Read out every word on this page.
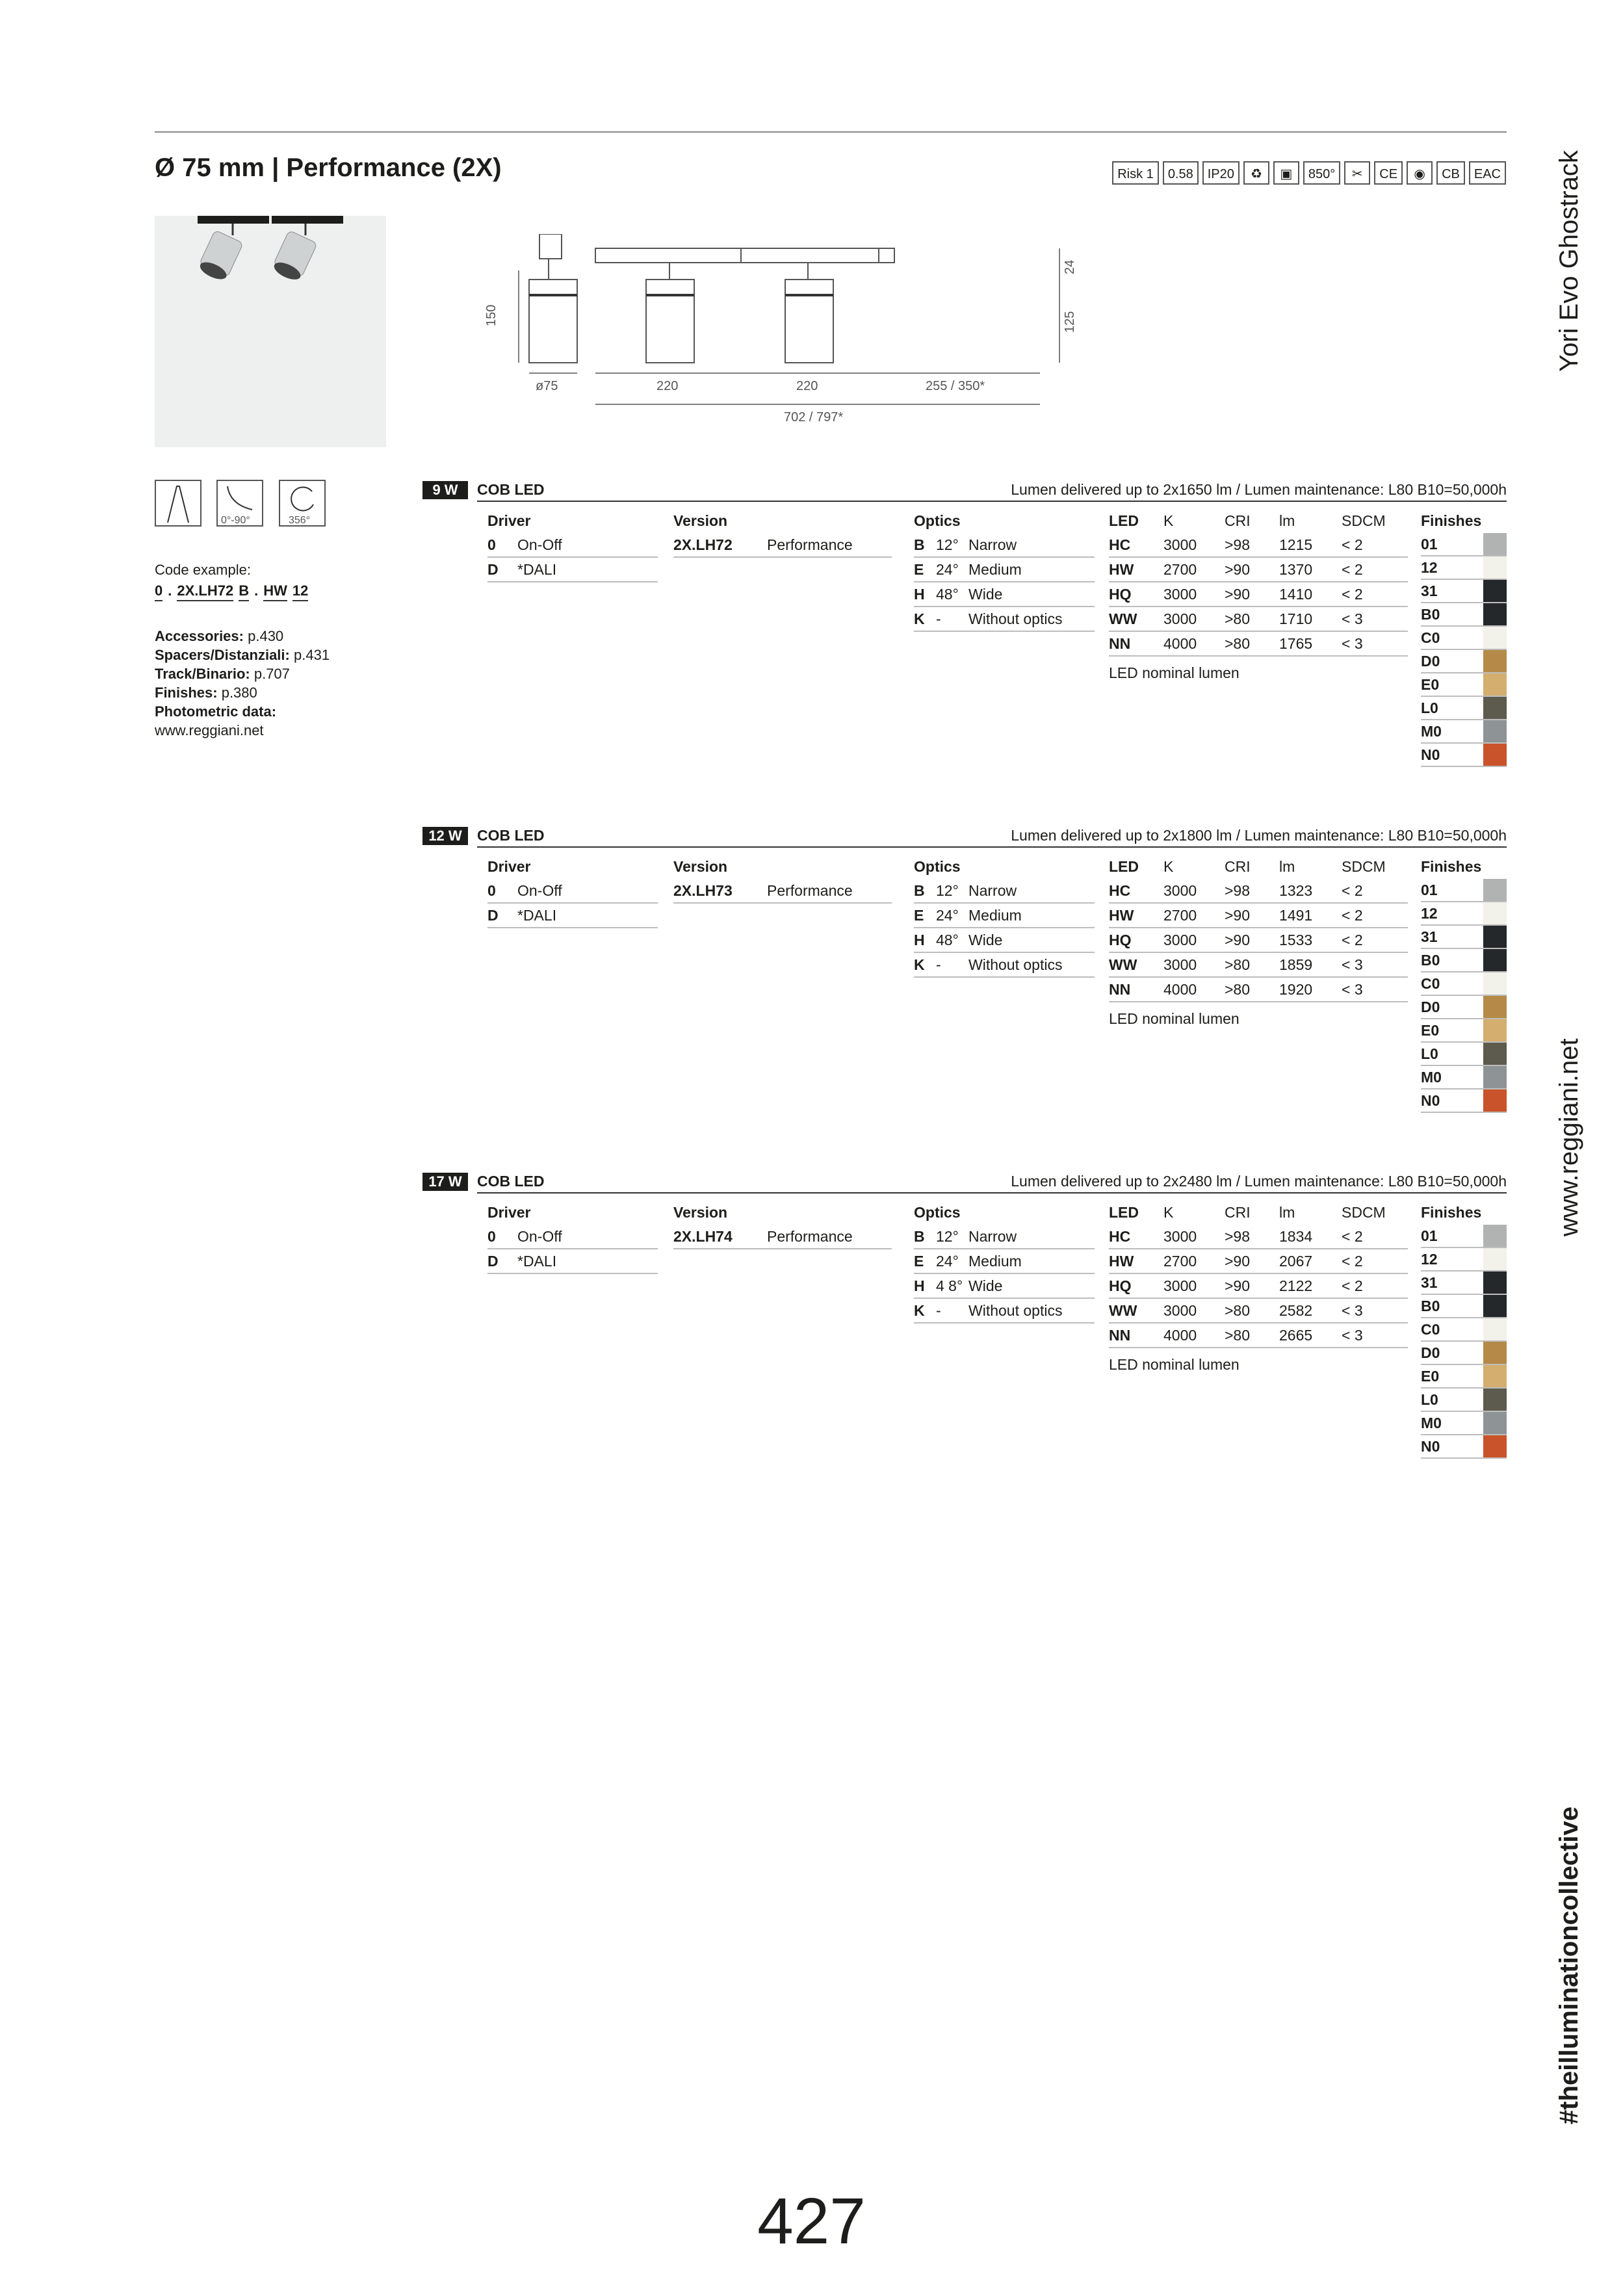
Ø 75 mm | Performance (2X)	Risk 1	0.58	IP20	♻	▣	850°	✂	CE	◉	CB	EAC
150	125
24
ø75	220	220	255 / 350*
702 / 797*
0°-90°	356°
Code example:
0 . 2X.LH72 B . HW 12
Accessories: p.430
Spacers/Distanziali: p.431
Track/Binario: p.707
Finishes: p.380
Photometric data:
www.reggiani.net
9 W	COB LED	Lumen delivered up to 2x1650 lm / Lumen maintenance: L80 B10=50,000h
Driver
0 On-Off
D *DALI
Version
2X.LH72 Performance
Optics
B 12° Narrow
E 24° Medium
H 48° Wide
K - Without optics
LED K	CRI lm	SDCM
HC 3000 >98 1215 < 2
HW 2700 >90 1370 < 2
HQ 3000 >90 1410 < 2
WW 3000 >80 1710 < 3
NN 4000 >80 1765 < 3
LED nominal lumen
Finishes
01
12
31
B0
C0
D0
E0
L0
M0
N0
12 W	COB LED	Lumen delivered up to 2x1800 lm / Lumen maintenance: L80 B10=50,000h
Driver
0 On-Off
D *DALI
Version
2X.LH73 Performance
Optics
B 12° Narrow
E 24° Medium
H 48° Wide
K - Without optics
LED K	CRI lm	SDCM
HC 3000 >98 1323 < 2
HW 2700 >90 1491 < 2
HQ 3000 >90 1533 < 2
WW 3000 >80 1859 < 3
NN 4000 >80 1920 < 3
LED nominal lumen
Finishes
01
12
31
B0
C0
D0
E0
L0
M0
N0
17 W	COB LED	Lumen delivered up to 2x2480 lm / Lumen maintenance: L80 B10=50,000h
Driver
0 On-Off
D *DALI
Version
2X.LH74 Performance
Optics
B 12° Narrow
E 24° Medium
H 4 8° Wide
K - Without optics
LED K	CRI lm	SDCM
HC 3000 >98 1834 < 2
HW 2700 >90 2067 < 2
HQ 3000 >90 2122 < 2
WW 3000 >80 2582 < 3
NN 4000 >80 2665 < 3
LED nominal lumen
Finishes
01
12
31
B0
C0
D0
E0
L0
M0
N0
Yori Evo Ghostrack
www.reggiani.net
#theilluminationcollective
427
